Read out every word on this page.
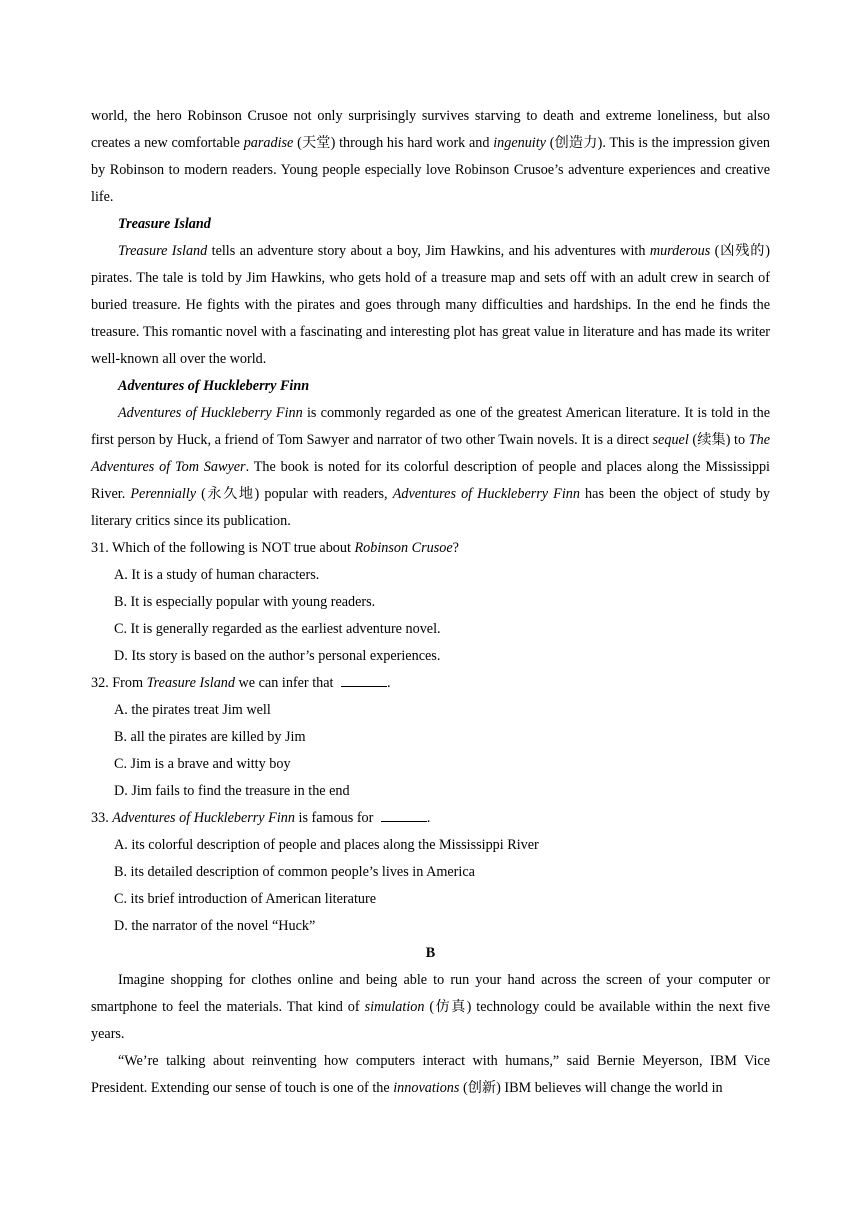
world, the hero Robinson Crusoe not only surprisingly survives starving to death and extreme loneliness, but also creates a new comfortable paradise (天堂) through his hard work and ingenuity (创造力). This is the impression given by Robinson to modern readers. Young people especially love Robinson Crusoe’s adventure experiences and creative life.

Treasure Island

Treasure Island tells an adventure story about a boy, Jim Hawkins, and his adventures with murderous (凶残的) pirates. The tale is told by Jim Hawkins, who gets hold of a treasure map and sets off with an adult crew in search of buried treasure. He fights with the pirates and goes through many difficulties and hardships. In the end he finds the treasure. This romantic novel with a fascinating and interesting plot has great value in literature and has made its writer well-known all over the world.

Adventures of Huckleberry Finn

Adventures of Huckleberry Finn is commonly regarded as one of the greatest American literature. It is told in the first person by Huck, a friend of Tom Sawyer and narrator of two other Twain novels. It is a direct sequel (续集) to The Adventures of Tom Sawyer. The book is noted for its colorful description of people and places along the Mississippi River. Perennially (永久地) popular with readers, Adventures of Huckleberry Finn has been the object of study by literary critics since its publication.

31. Which of the following is NOT true about Robinson Crusoe?

A. It is a study of human characters.

B. It is especially popular with young readers.

C. It is generally regarded as the earliest adventure novel.

D. Its story is based on the author’s personal experiences.

32. From Treasure Island we can infer that	.

A. the pirates treat Jim well

B. all the pirates are killed by Jim

C. Jim is a brave and witty boy

D. Jim fails to find the treasure in the end

33. Adventures of Huckleberry Finn is famous for	.

A. its colorful description of people and places along the Mississippi River

B. its detailed description of common people’s lives in America

C. its brief introduction of American literature

D. the narrator of the novel “Huck”

B

Imagine shopping for clothes online and being able to run your hand across the screen of your computer or smartphone to feel the materials. That kind of simulation (仿真) technology could be available within the next five years.

“We’re talking about reinventing how computers interact with humans,” said Bernie Meyerson, IBM Vice President. Extending our sense of touch is one of the innovations (创新) IBM believes will change the world in
